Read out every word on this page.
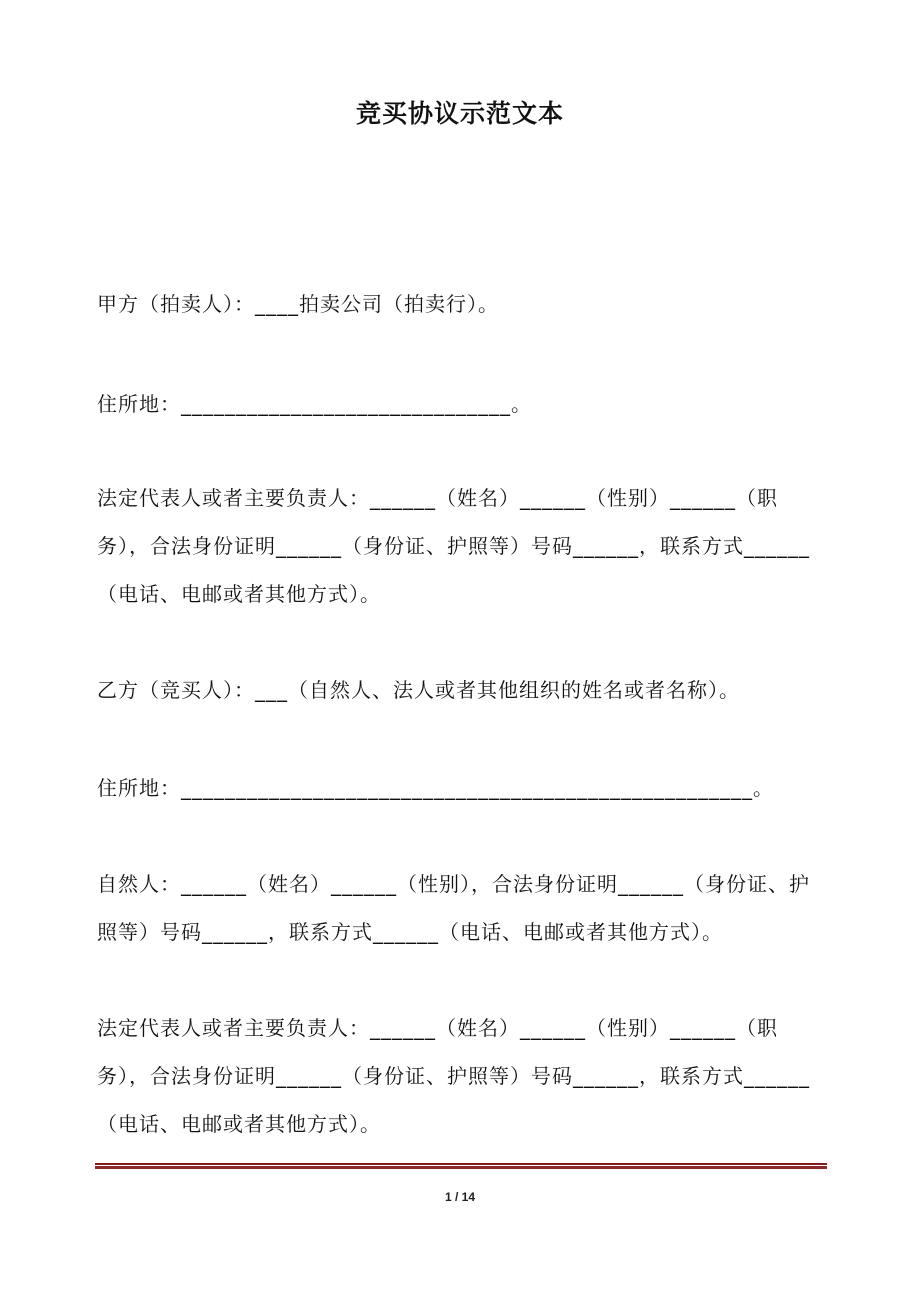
竞买协议示范文本
甲方（拍卖人）：____拍卖公司（拍卖行）。
住所地：______________________________。
法定代表人或者主要负责人：______（姓名）______（性别）______（职务），合法身份证明______（身份证、护照等）号码______，联系方式______（电话、电邮或者其他方式）。
乙方（竞买人）：___（自然人、法人或者其他组织的姓名或者名称）。
住所地：____________________________________________________。
自然人：______（姓名）______（性别），合法身份证明______（身份证、护照等）号码______，联系方式______（电话、电邮或者其他方式）。
法定代表人或者主要负责人：______（姓名）______（性别）______（职务），合法身份证明______（身份证、护照等）号码______，联系方式______（电话、电邮或者其他方式）。
1 / 14
